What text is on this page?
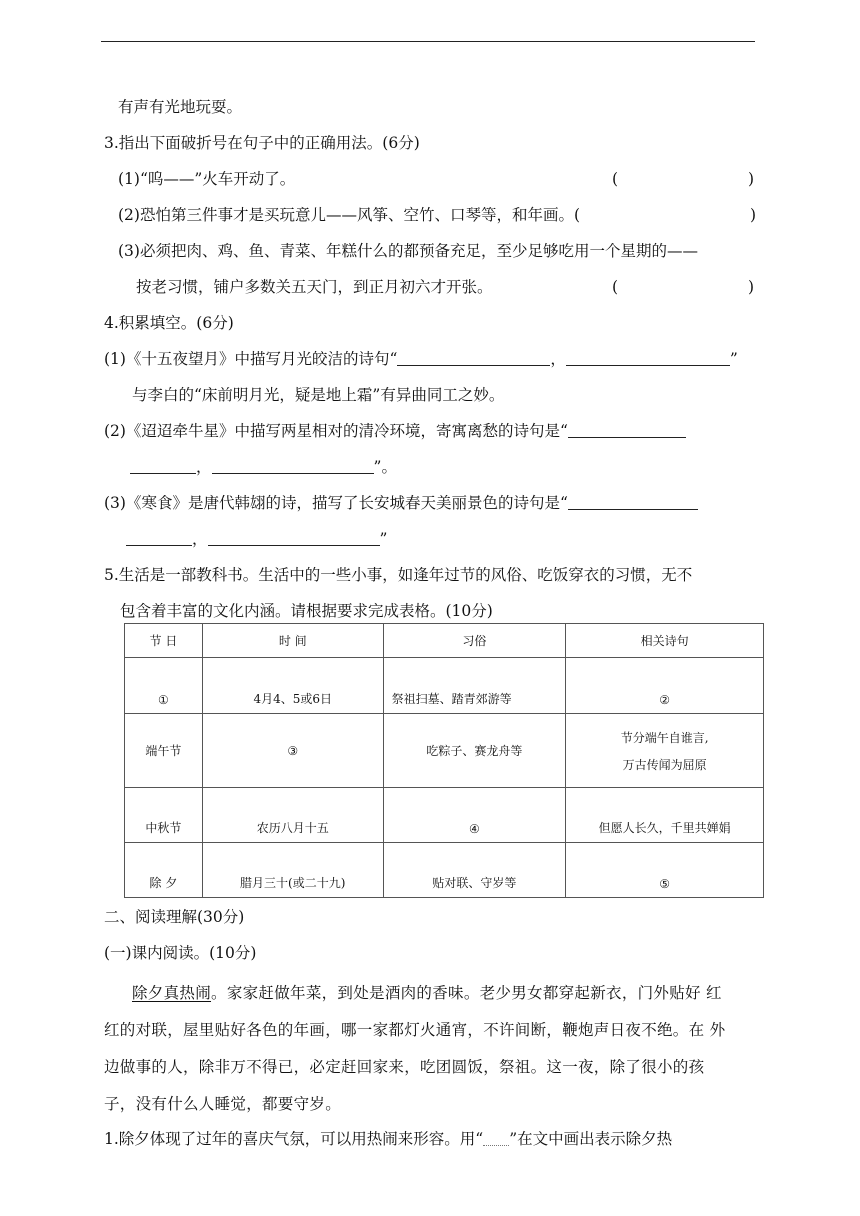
有声有光地玩耍。
3.指出下面破折号在句子中的正确用法。(6分)
(1)“呜——”火车开动了。	(	)
(2)恐怕第三件事才是买玩意儿——风筝、空竹、口琴等，和年画。(	)
(3)必须把肉、鸡、鱼、青菜、年糕什么的都预备充足，至少足够吃用一个星期的——
按老习惯，铺户多数关五天门，到正月初六才开张。	(	)
4.积累填空。(6分)
(1)《十五夜望月》中描写月光皎洁的诗句“	，	”
与李白的“床前明月光，疑是地上霜”有异曲同工之妙。
(2)《迢迢牵牛星》中描写两星相对的清冷环境，寄寓离愁的诗句是“
，	”。
(3)《寒食》是唐代韩翃的诗，描写了长安城春天美丽景色的诗句是“
，	”
5.生活是一部教科书。生活中的一些小事，如逢年过节的风俗、吃饭穿衣的习惯，无不
包含着丰富的文化内涵。请根据要求完成表格。(10分)
节 日	时 间	习俗	相关诗句
①	4月4、5或6日	祭祖扫墓、踏青郊游等	②
端午节	③	吃粽子、赛龙舟等	节分端午自谁言,
万古传闻为屈原

中秋节	农历八月十五	④	但愿人长久，千里共婵娟
除 夕	腊月三十(或二十九)	贴对联、守岁等	⑤
二、阅读理解(30分)
(一)课内阅读。(10分)
除夕真热闹。家家赶做年菜，到处是酒肉的香味。老少男女都穿起新衣，门外贴好 红
红的对联，屋里贴好各色的年画，哪一家都灯火通宵，不许间断，鞭炮声日夜不绝。在 外
边做事的人，除非万不得已，必定赶回家来，吃团圆饭，祭祖。这一夜，除了很小的孩
子，没有什么人睡觉，都要守岁。
1.除夕体现了过年的喜庆气氛，可以用热闹来形容。用“ ”在文中画出表示除夕热
